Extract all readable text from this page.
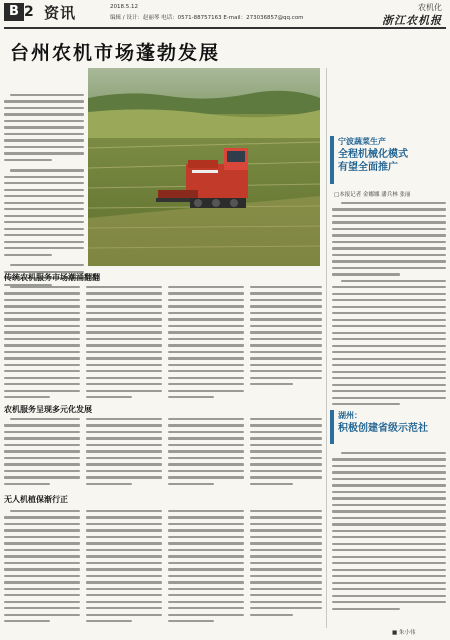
B 2 资讯	2018.5.12
编辑 / 设计：赵丽琴 电话：0571-88757163 E-mail：273036857@qq.com
农机化
浙江农机报
台州农机市场蓬勃发展
传统农机服务市场潮涌翻翻
农机服务呈现多元化发展
无人机植保渐行正
■ 朱小伟
宁波蔬菜生产
全程机械化模式
有望全面推广
□本报记者 金娜娜 潘兵林 张丽
湖州：
积极创建省级示范社
